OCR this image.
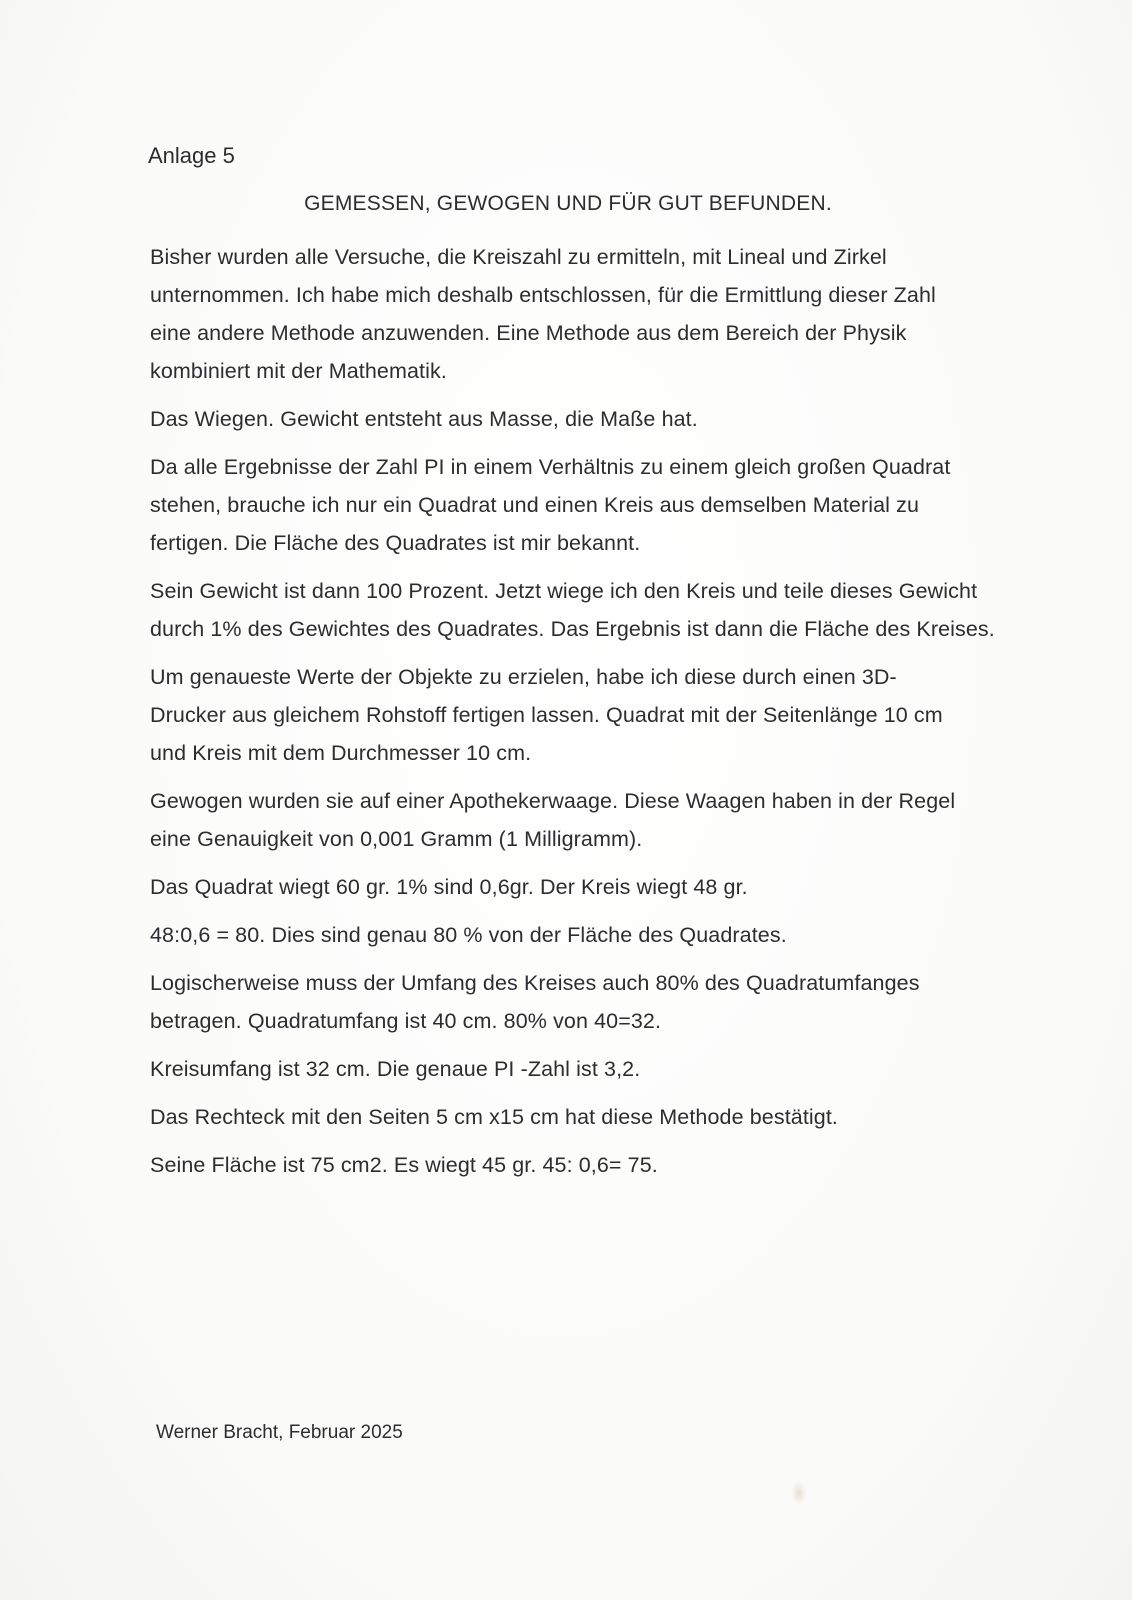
Anlage 5

GEMESSEN, GEWOGEN UND FÜR GUT BEFUNDEN.

Bisher wurden alle Versuche, die Kreiszahl zu ermitteln, mit Lineal und Zirkel unternommen. Ich habe mich deshalb entschlossen, für die Ermittlung dieser Zahl eine andere Methode anzuwenden. Eine Methode aus dem Bereich der Physik kombiniert mit der Mathematik.

Das Wiegen. Gewicht entsteht aus Masse, die Maße hat.

Da alle Ergebnisse der Zahl PI in einem Verhältnis zu einem gleich großen Quadrat stehen, brauche ich nur ein Quadrat und einen Kreis aus demselben Material zu fertigen. Die Fläche des Quadrates ist mir bekannt.

Sein Gewicht ist dann 100 Prozent. Jetzt wiege ich den Kreis und teile dieses Gewicht durch 1% des Gewichtes des Quadrates. Das Ergebnis ist dann die Fläche des Kreises.

Um genaueste Werte der Objekte zu erzielen, habe ich diese durch einen 3D-Drucker aus gleichem Rohstoff fertigen lassen. Quadrat mit der Seitenlänge 10 cm und Kreis mit dem Durchmesser 10 cm.

Gewogen wurden sie auf einer Apothekerwaage. Diese Waagen haben in der Regel eine Genauigkeit von 0,001 Gramm (1 Milligramm).

Das Quadrat wiegt 60 gr. 1% sind 0,6gr. Der Kreis wiegt 48 gr.

48:0,6 = 80. Dies sind genau 80 % von der Fläche des Quadrates.

Logischerweise muss der Umfang des Kreises auch 80% des Quadratumfanges betragen. Quadratumfang ist 40 cm. 80% von 40=32.

Kreisumfang ist 32 cm. Die genaue PI -Zahl ist 3,2.

Das Rechteck mit den Seiten 5 cm x15 cm hat diese Methode bestätigt.

Seine Fläche ist 75 cm2. Es wiegt 45 gr. 45: 0,6= 75.

Werner Bracht, Februar 2025
